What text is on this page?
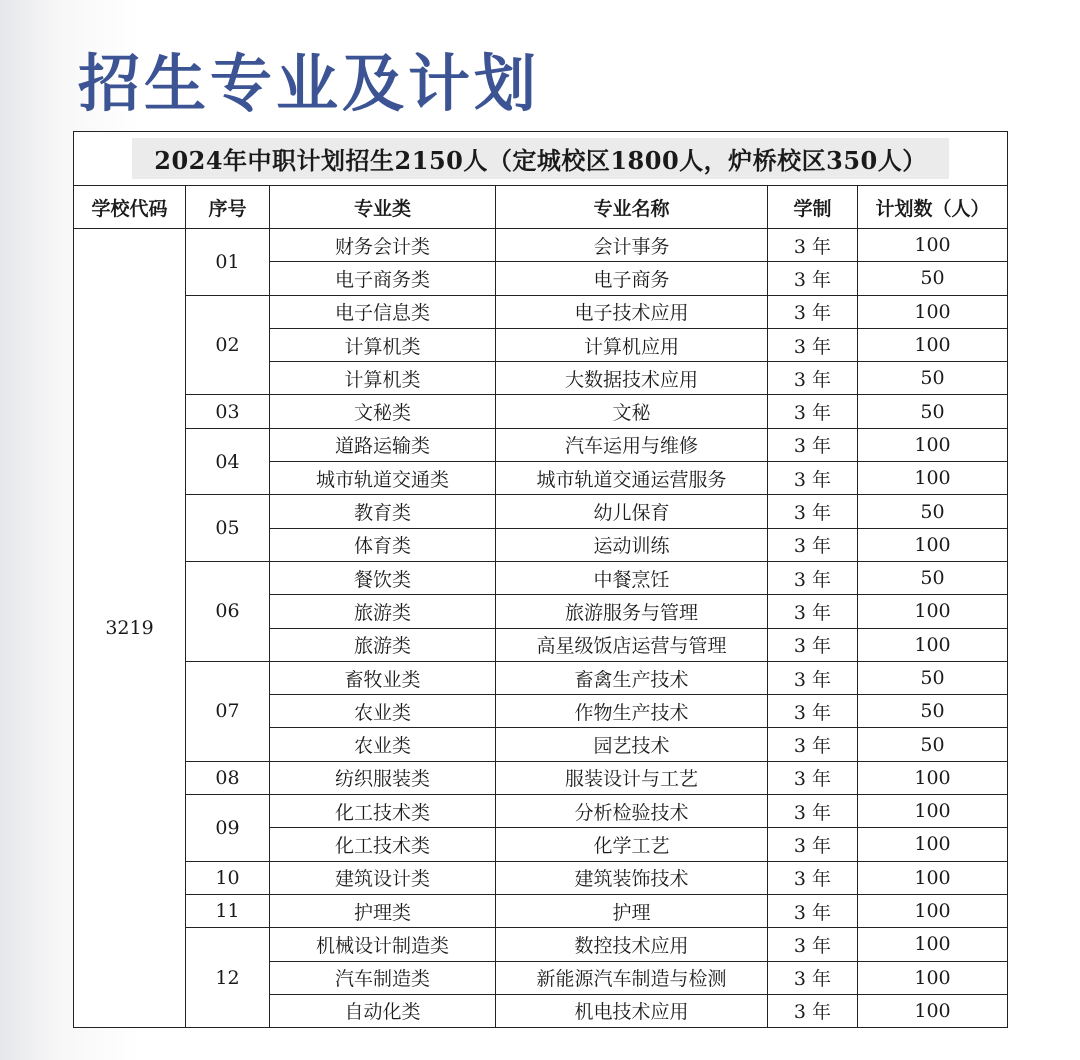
招生专业及计划
2024年中职计划招生2150人（定城校区1800人，炉桥校区350人）					
学校代码	序号	专业类	专业名称	学制	计划数（人）
3219	01	财务会计类	会计事务	3 年	100
		电子商务类	电子商务	3 年	50
	02	电子信息类	电子技术应用	3 年	100
		计算机类	计算机应用	3 年	100
		计算机类	大数据技术应用	3 年	50
	03	文秘类	文秘	3 年	50
	04	道路运输类	汽车运用与维修	3 年	100
		城市轨道交通类	城市轨道交通运营服务	3 年	100
	05	教育类	幼儿保育	3 年	50
		体育类	运动训练	3 年	100
	06	餐饮类	中餐烹饪	3 年	50
		旅游类	旅游服务与管理	3 年	100
		旅游类	高星级饭店运营与管理	3 年	100
	07	畜牧业类	畜禽生产技术	3 年	50
		农业类	作物生产技术	3 年	50
		农业类	园艺技术	3 年	50
	08	纺织服装类	服装设计与工艺	3 年	100
	09	化工技术类	分析检验技术	3 年	100
		化工技术类	化学工艺	3 年	100
	10	建筑设计类	建筑装饰技术	3 年	100
	11	护理类	护理	3 年	100
	12	机械设计制造类	数控技术应用	3 年	100
		汽车制造类	新能源汽车制造与检测	3 年	100
		自动化类	机电技术应用	3 年	100
